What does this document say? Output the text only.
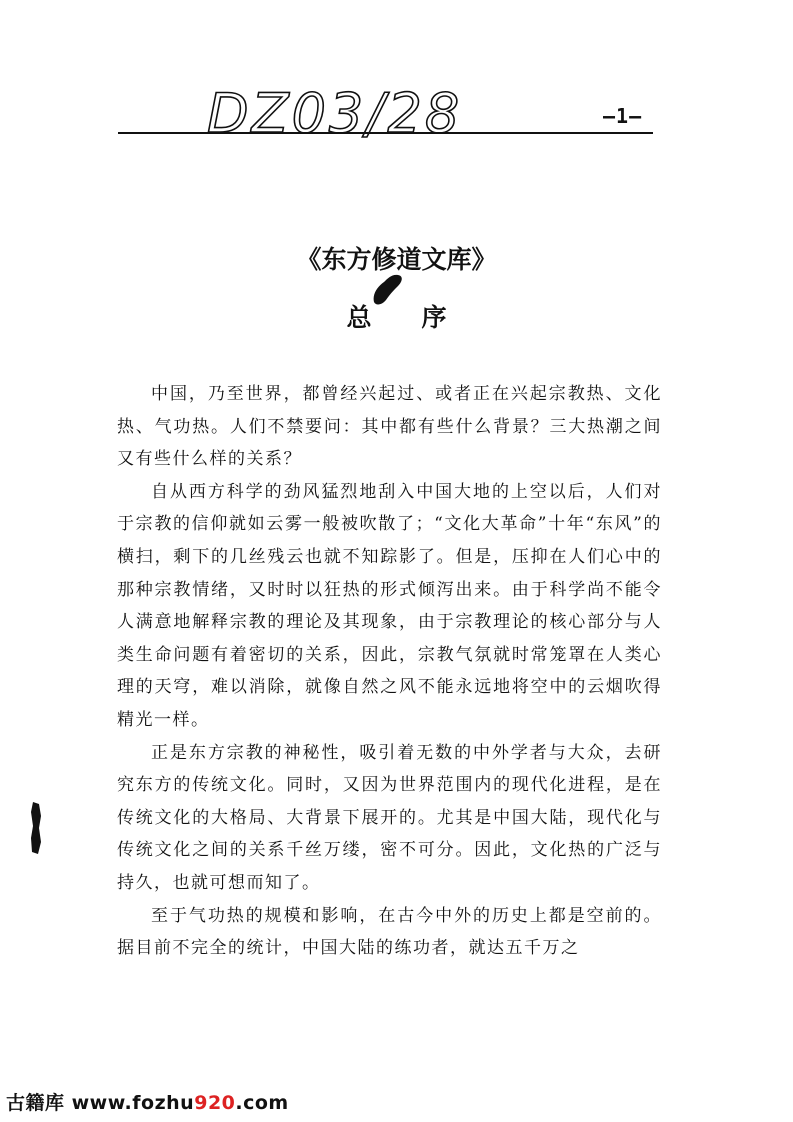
DZ03/28	—1—
《东方修道文库》
总序

中国，乃至世界，都曾经兴起过、或者正在兴起宗教热、文化热、气功热。人们不禁要问：其中都有些什么背景？三大热潮之间又有些什么样的关系？

自从西方科学的劲风猛烈地刮入中国大地的上空以后，人们对于宗教的信仰就如云雾一般被吹散了；“文化大革命”十年“东风”的横扫，剩下的几丝残云也就不知踪影了。但是，压抑在人们心中的那种宗教情绪，又时时以狂热的形式倾泻出来。由于科学尚不能令人满意地解释宗教的理论及其现象，由于宗教理论的核心部分与人类生命问题有着密切的关系，因此，宗教气氛就时常笼罩在人类心理的天穹，难以消除，就像自然之风不能永远地将空中的云烟吹得精光一样。

正是东方宗教的神秘性，吸引着无数的中外学者与大众，去研究东方的传统文化。同时，又因为世界范围内的现代化进程，是在传统文化的大格局、大背景下展开的。尤其是中国大陆，现代化与传统文化之间的关系千丝万缕，密不可分。因此，文化热的广泛与持久，也就可想而知了。

至于气功热的规模和影响，在古今中外的历史上都是空前的。据目前不完全的统计，中国大陆的练功者，就达五千万之

古籍库 www.fozhu920.com
